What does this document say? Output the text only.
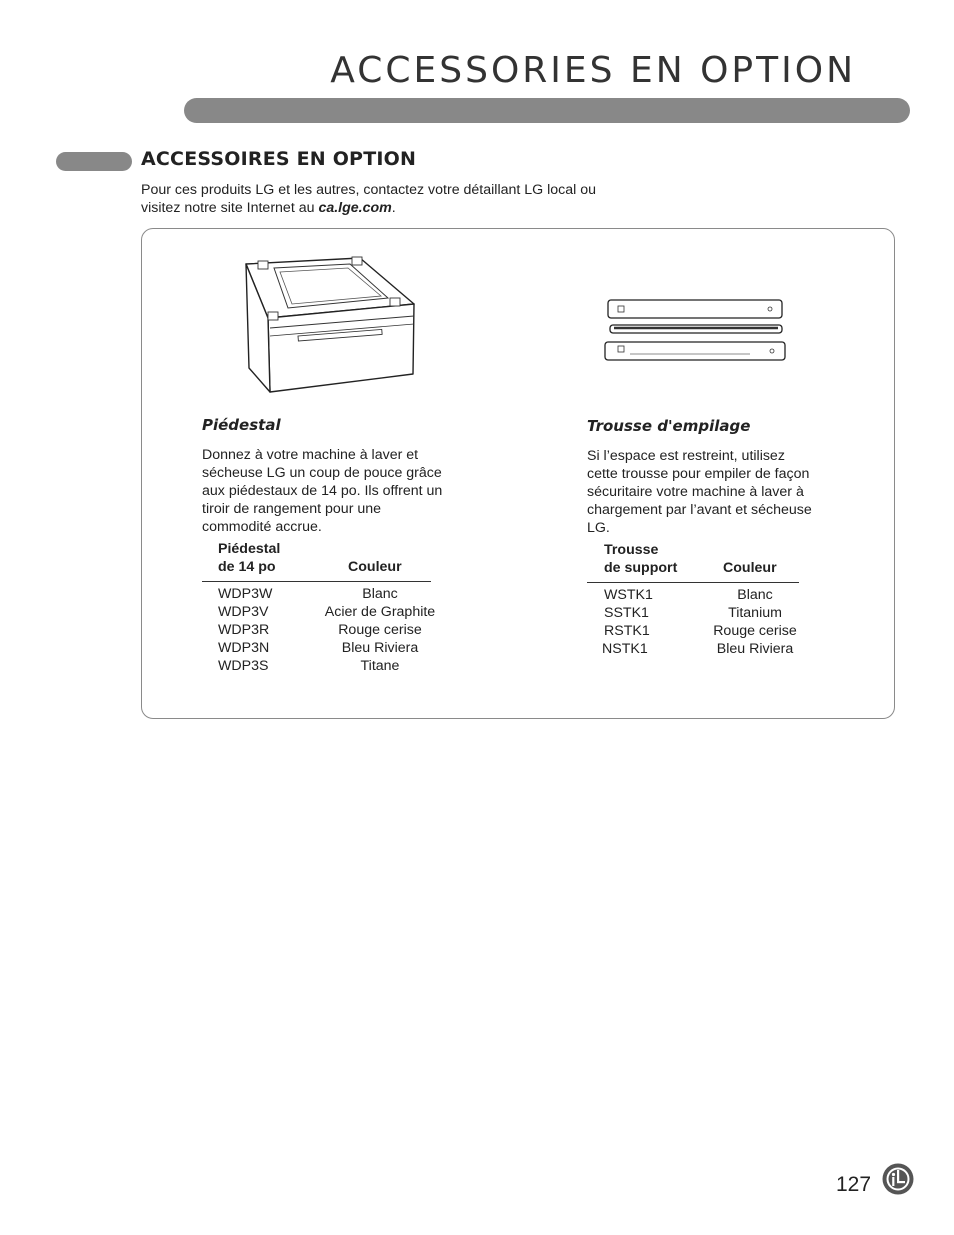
ACCESSORIES EN OPTION
ACCESSOIRES EN OPTION
Pour ces produits LG et les autres, contactez votre détaillant LG local ou visitez notre site Internet au ca.lge.com.
Piédestal
Donnez à votre machine à laver et sécheuse LG un coup de pouce grâce aux piédestaux de 14 po. Ils offrent un tiroir de rangement pour une commodité accrue.
Piédestal
de 14 po	Couleur
WDP3W	Blanc
WDP3V	Acier de Graphite
WDP3R	Rouge cerise
WDP3N	Bleu Riviera
WDP3S	Titane
Trousse d'empilage
Si l’espace est restreint, utilisez cette trousse pour empiler de façon sécuritaire votre machine à laver à chargement par l’avant et sécheuse LG.
Trousse
de support	Couleur
WSTK1	Blanc
SSTK1	Titanium
RSTK1	Rouge cerise
NSTK1	Bleu Riviera
127
